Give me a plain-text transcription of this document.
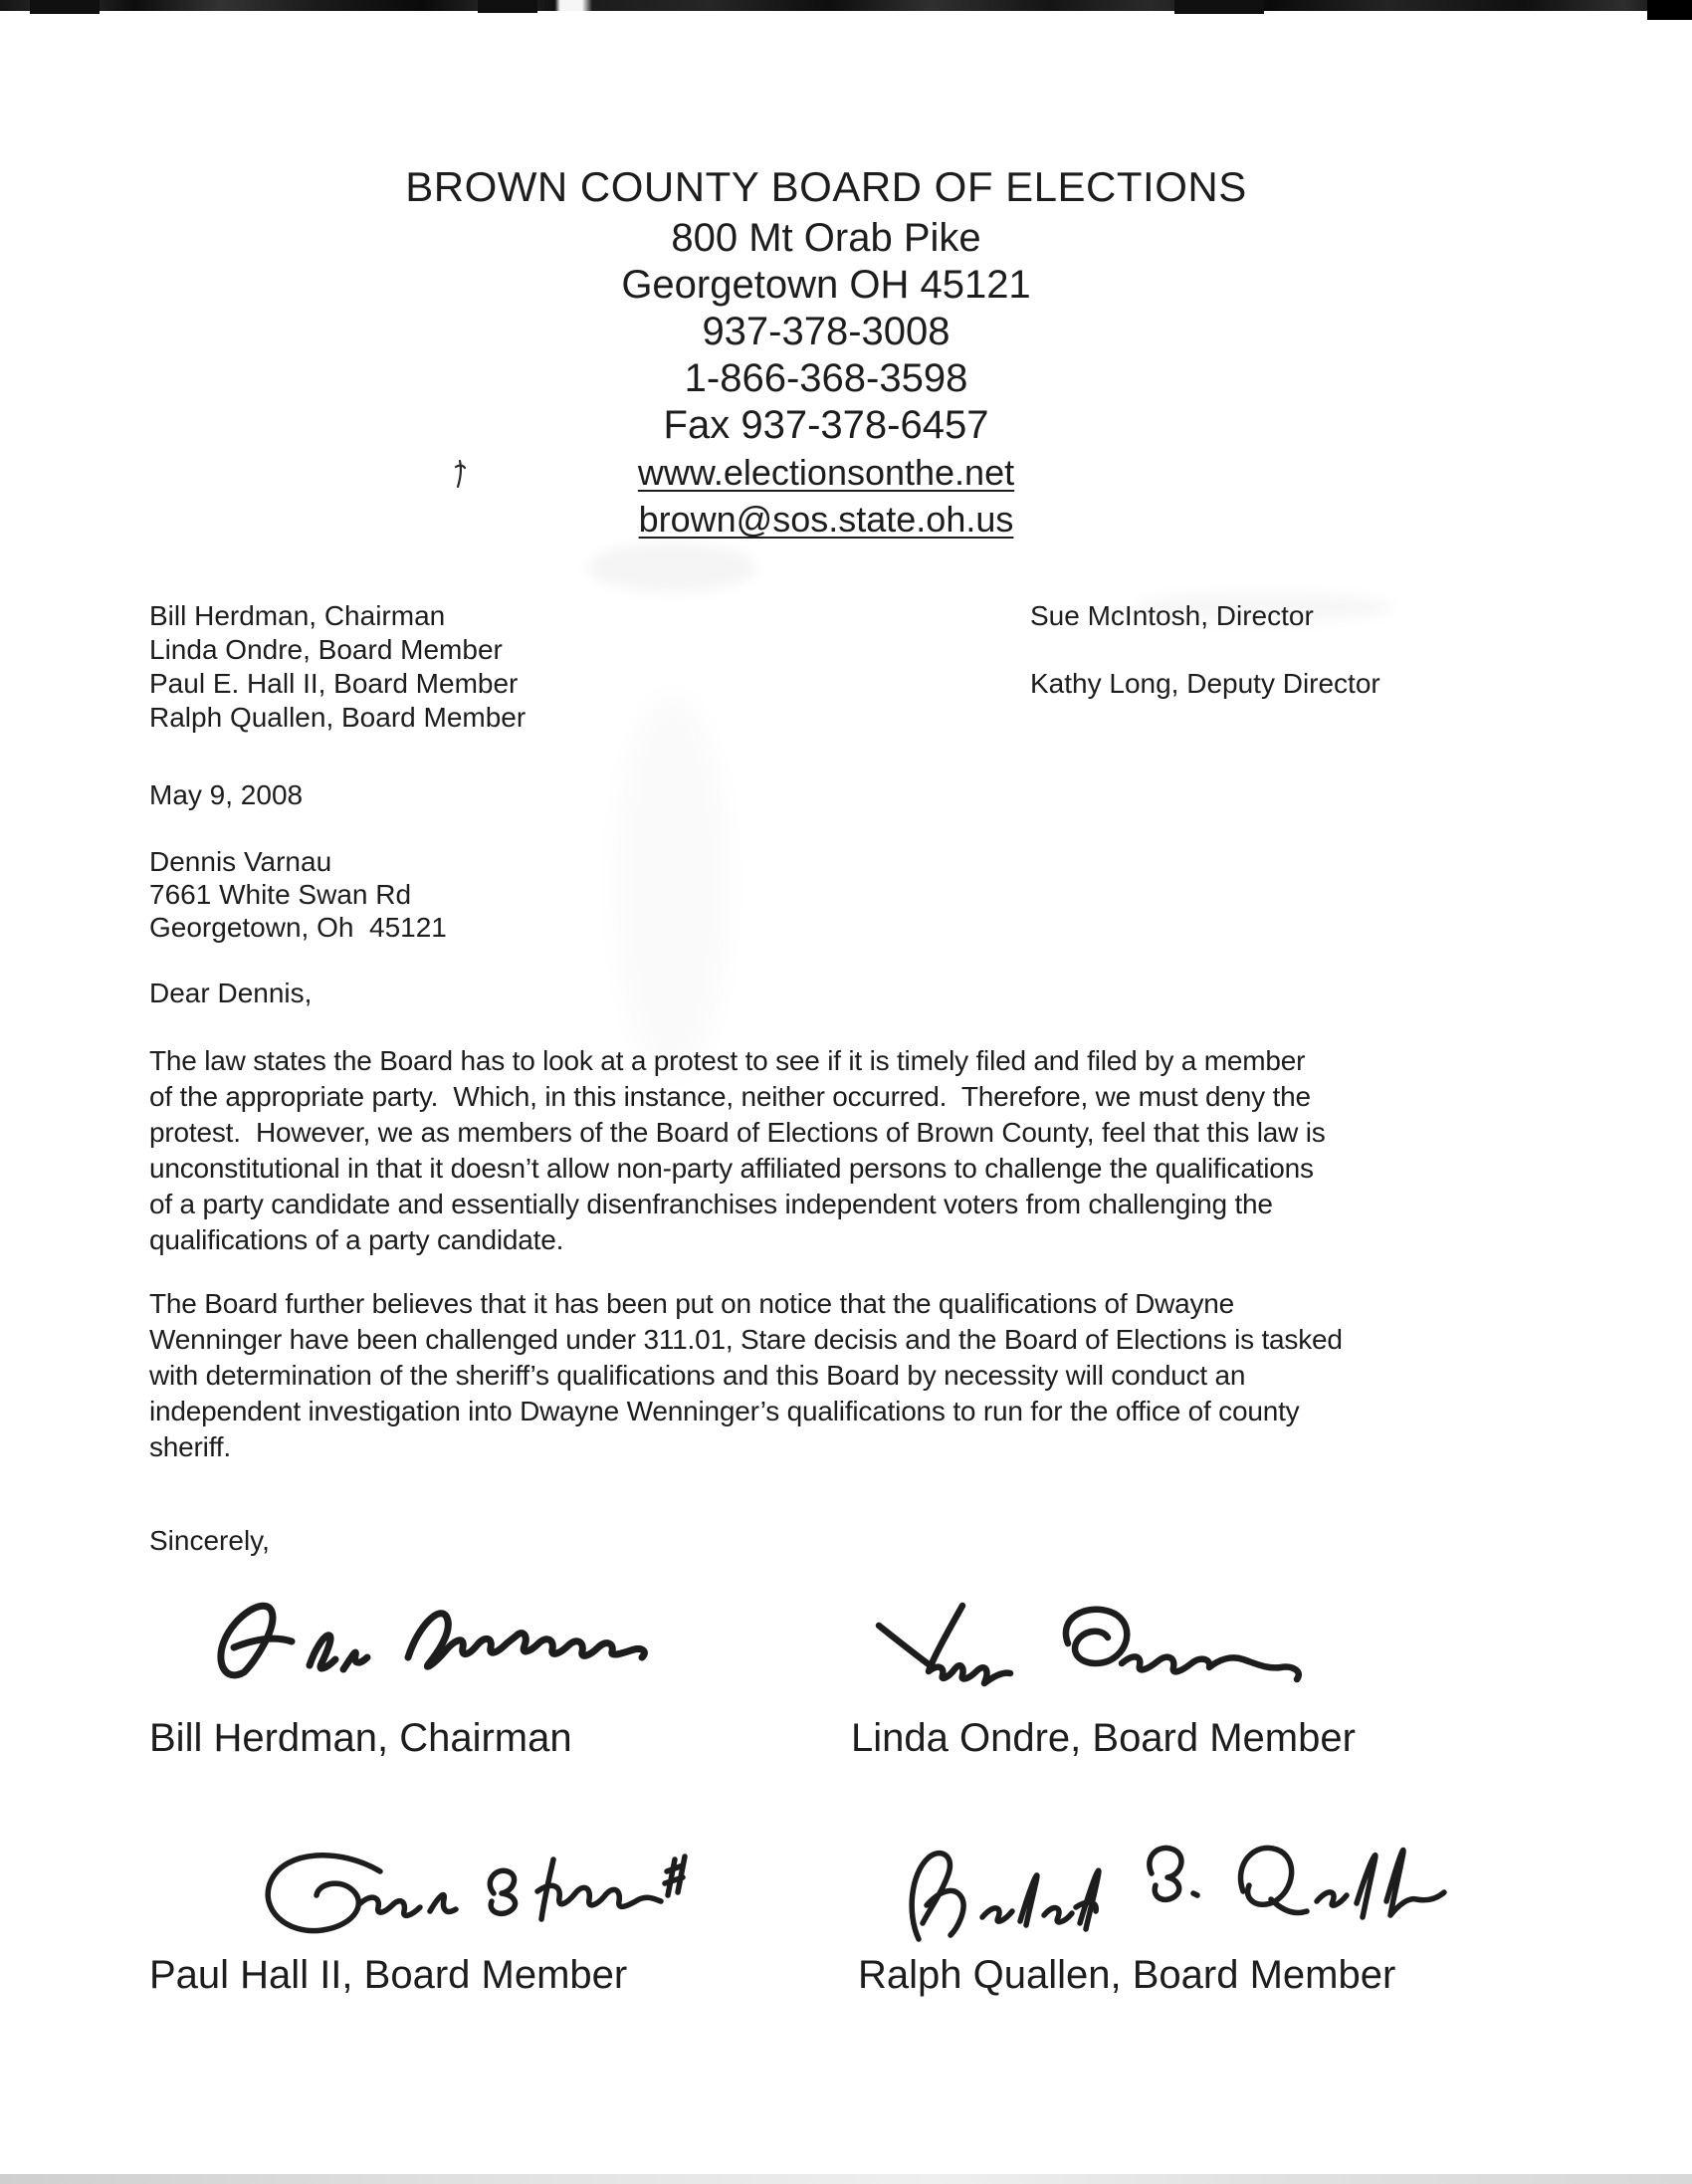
BROWN COUNTY BOARD OF ELECTIONS
800 Mt Orab Pike
Georgetown OH 45121
937-378-3008
1-866-368-3598
Fax 937-378-6457
www.electionsonthe.net
brown@sos.state.oh.us
Bill Herdman, Chairman
Linda Ondre, Board Member
Paul E. Hall II, Board Member
Ralph Quallen, Board Member
Sue McIntosh, Director
Kathy Long, Deputy Director
May 9, 2008
Dennis Varnau
7661 White Swan Rd
Georgetown, Oh  45121
Dear Dennis,
The law states the Board has to look at a protest to see if it is timely filed and filed by a member
of the appropriate party.  Which, in this instance, neither occurred.  Therefore, we must deny the
protest.  However, we as members of the Board of Elections of Brown County, feel that this law is
unconstitutional in that it doesn’t allow non-party affiliated persons to challenge the qualifications
of a party candidate and essentially disenfranchises independent voters from challenging the
qualifications of a party candidate.
The Board further believes that it has been put on notice that the qualifications of Dwayne
Wenninger have been challenged under 311.01, Stare decisis and the Board of Elections is tasked
with determination of the sheriff’s qualifications and this Board by necessity will conduct an
independent investigation into Dwayne Wenninger’s qualifications to run for the office of county
sheriff.
Sincerely,
Bill Herdman, Chairman	Linda Ondre, Board Member
Paul Hall II, Board Member	Ralph Quallen, Board Member
